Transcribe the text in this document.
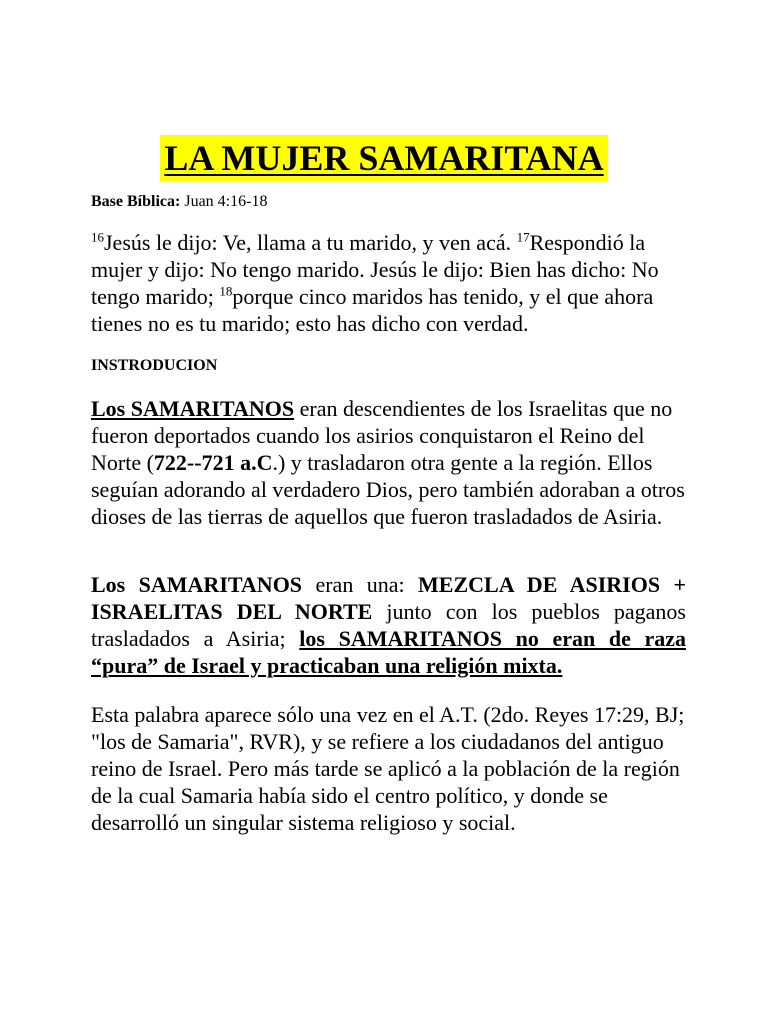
LA MUJER SAMARITANA
Base Bíblica: Juan 4:16-18

$^{16}$Jesús le dijo: Ve, llama a tu marido, y ven acá. $^{17}$Respondió la mujer y dijo: No tengo marido. Jesús le dijo: Bien has dicho: No tengo marido; $^{18}$porque cinco maridos has tenido, y el que ahora tienes no es tu marido; esto has dicho con verdad.

INSTRODUCION

Los SAMARITANOS eran descendientes de los Israelitas que no fueron deportados cuando los asirios conquistaron el Reino del Norte (722--721 a.C.) y trasladaron otra gente a la región. Ellos seguían adorando al verdadero Dios, pero también adoraban a otros dioses de las tierras de aquellos que fueron trasladados de Asiria.

Los SAMARITANOS eran una: MEZCLA DE ASIRIOS + ISRAELITAS DEL NORTE junto con los pueblos paganos trasladados a Asiria; los SAMARITANOS no eran de raza “pura” de Israel y practicaban una religión mixta.

Esta palabra aparece sólo una vez en el A.T. (2do. Reyes 17:29, BJ; "los de Samaria", RVR), y se refiere a los ciudadanos del antiguo reino de Israel. Pero más tarde se aplicó a la población de la región de la cual Samaria había sido el centro político, y donde se desarrolló un singular sistema religioso y social.
